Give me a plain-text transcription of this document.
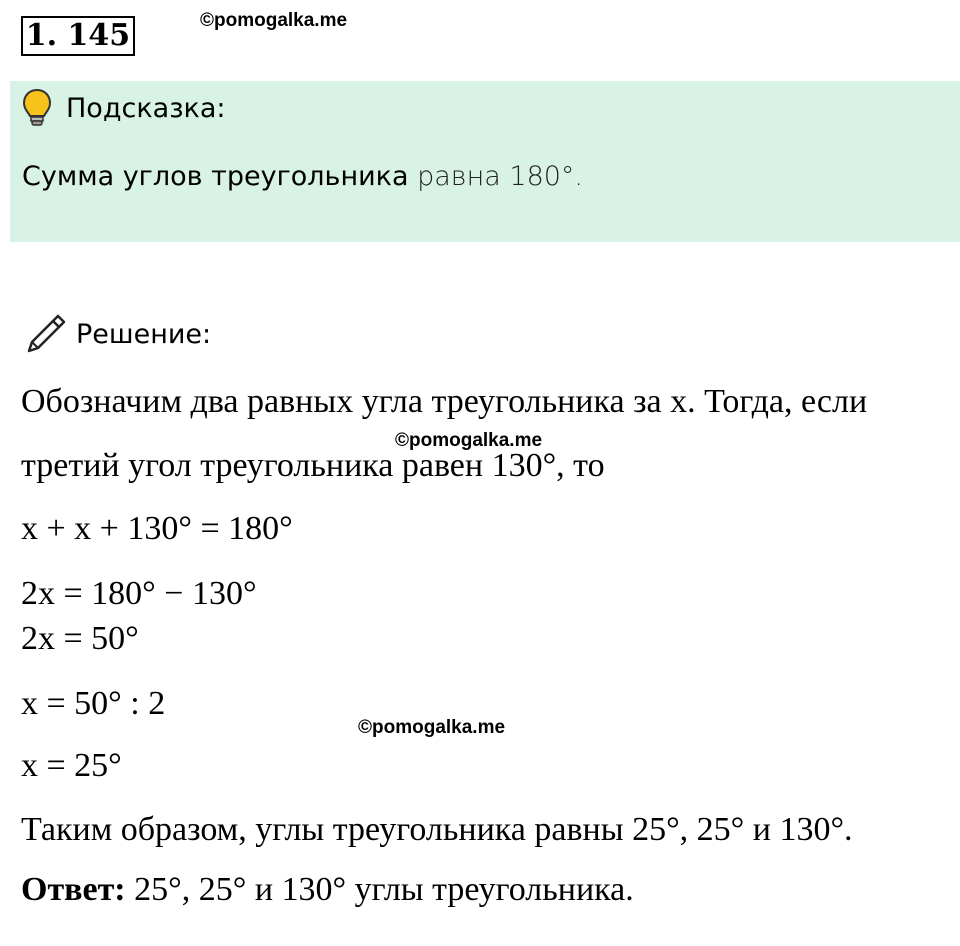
1. 145	©pomogalka.me
Подсказка:
Сумма углов треугольника равна 180°.
Решение:
Обозначим два равных угла треугольника за x. Тогда, если
©pomogalka.me
третий угол треугольника равен 130°, то
x + x + 130° = 180°
2x = 180° − 130°
2x = 50°
x = 50° : 2
©pomogalka.me
x = 25°
Таким образом, углы треугольника равны 25°, 25° и 130°.
Ответ: 25°, 25° и 130° углы треугольника.
